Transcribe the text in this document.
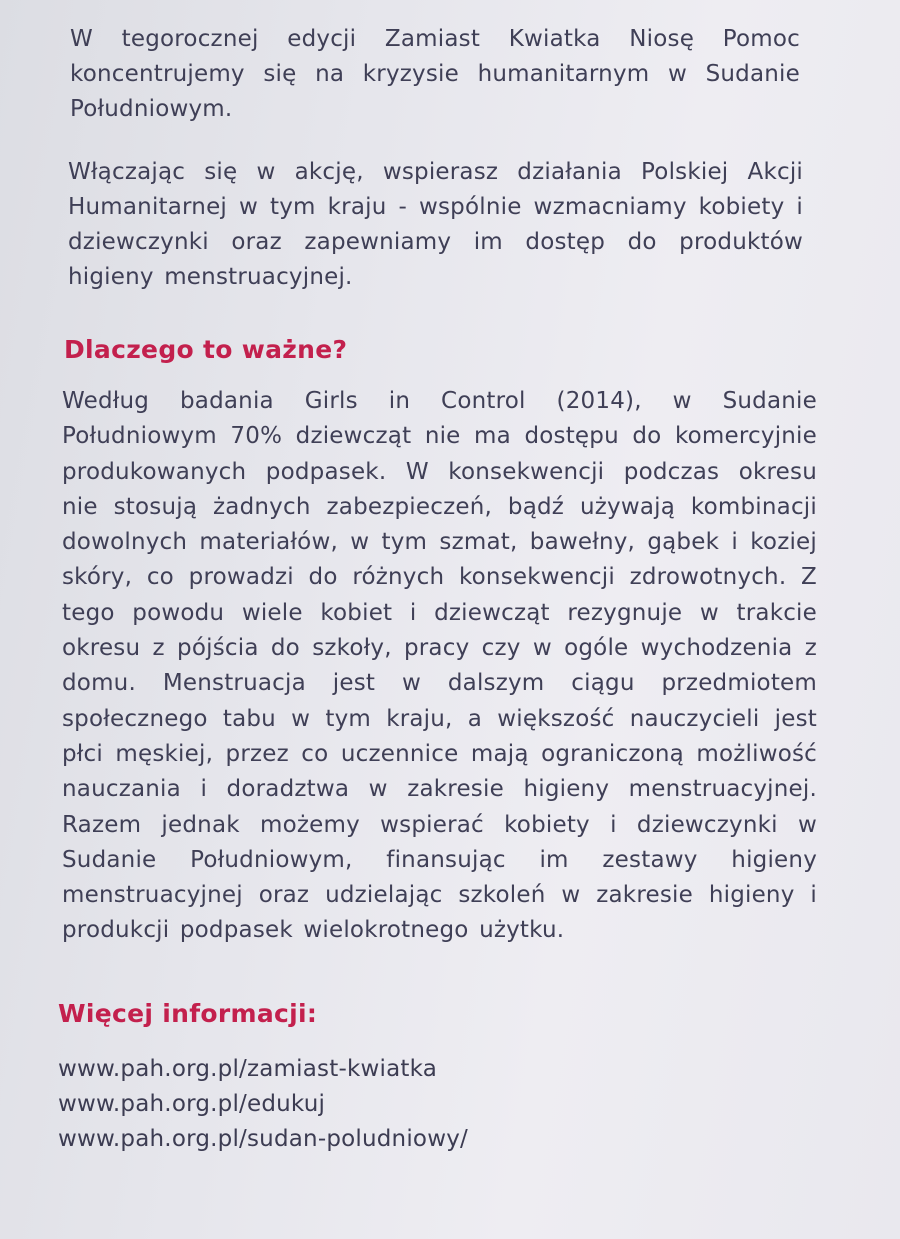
W tegorocznej edycji Zamiast Kwiatka Niosę Pomoc koncentrujemy się na kryzysie humanitarnym w Sudanie Południowym.

Włączając się w akcję, wspierasz działania Polskiej Akcji Humanitarnej w tym kraju - wspólnie wzmacniamy kobiety i dziewczynki oraz zapewniamy im dostęp do produktów higieny menstruacyjnej.

Dlaczego to ważne?

Według badania Girls in Control (2014), w Sudanie Południowym 70% dziewcząt nie ma dostępu do komercyjnie produkowanych podpasek. W konsekwencji podczas okresu nie stosują żadnych zabezpieczeń, bądź używają kombinacji dowolnych materiałów, w tym szmat, bawełny, gąbek i koziej skóry, co prowadzi do różnych konsekwencji zdrowotnych. Z tego powodu wiele kobiet i dziewcząt rezygnuje w trakcie okresu z pójścia do szkoły, pracy czy w ogóle wychodzenia z domu. Menstruacja jest w dalszym ciągu przedmiotem społecznego tabu w tym kraju, a większość nauczycieli jest płci męskiej, przez co uczennice mają ograniczoną możliwość nauczania i doradztwa w zakresie higieny menstruacyjnej. Razem jednak możemy wspierać kobiety i dziewczynki w Sudanie Południowym, finansując im zestawy higieny menstruacyjnej oraz udzielając szkoleń w zakresie higieny i produkcji podpasek wielokrotnego użytku.

Więcej informacji:
www.pah.org.pl/zamiast-kwiatka
www.pah.org.pl/edukuj
www.pah.org.pl/sudan-poludniowy/
